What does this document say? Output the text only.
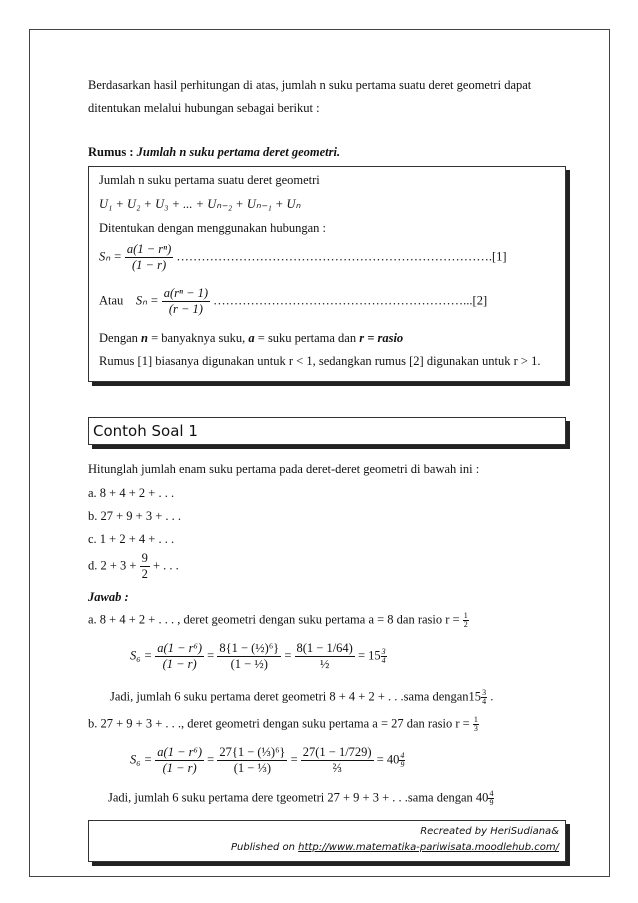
Berdasarkan hasil perhitungan di atas, jumlah n suku pertama suatu deret geometri dapat
ditentukan melalui hubungan sebagai berikut :
Rumus : Jumlah n suku pertama deret geometri.
Jumlah n suku pertama suatu deret geometri
U₁ + U₂ + U₃ + ... + Uₙ₋₂ + Uₙ₋₁ + Uₙ
Ditentukan dengan menggunakan hubungan :
$S_n = \frac{\text{a(1 − rⁿ)}}{(1 - r)}$ ………………………………………………………………….[1]
Atau $S_n = \frac{\text{a(rⁿ − 1)}}{(r - 1)}$ ……………………………………………………...[2]
Dengan n = banyaknya suku, a = suku pertama dan r = rasio
Rumus [1] biasanya digunakan untuk r < 1, sedangkan rumus [2] digunakan untuk r > 1.
Contoh Soal 1
Hitunglah jumlah enam suku pertama pada deret-deret geometri di bawah ini :
a. 8 + 4 + 2 + . . .
b. 27 + 9 + 3 + . . .
c. 1 + 2 + 4 + . . .
d. $2 + 3 + \frac{9}{2}$ + . . .
Jawab :
a. 8 + 4 + 2 + . . . , deret geometri dengan suku pertama a = 8 dan rasio $r = \frac{1}{2}$
$S_6 = \frac{\text{a(1 − r⁶)}}{(1 - r)} = \frac{\text{8\{1 − (½)⁶\}}}{\text{(1 − ½)}} = \frac{8(1 - 1/64)}{\text{½}} = 15 \frac{3}{4}$
Jadi, jumlah 6 suku pertama deret geometri 8 + 4 + 2 + . . .sama dengan15 $\frac{3}{4}$ .
b. 27 + 9 + 3 + . . ., deret geometri dengan suku pertama a = 27 dan rasio $r = \frac{1}{3}$
$S_6 = \frac{\text{a(1 − r⁶)}}{(1 - r)} = \frac{\text{27\{1 − (⅓)⁶\}}}{\text{(1 − ⅓)}} = \frac{27(1 - 1/729)}{\text{⅔}} = 40 \frac{4}{9}$
Jadi, jumlah 6 suku pertama dere tgeometri 27 + 9 + 3 + . . .sama dengan $40 \frac{4}{9}$
Recreated by HeriSudiana&
Published on http://www.matematika-pariwisata.moodlehub.com/
